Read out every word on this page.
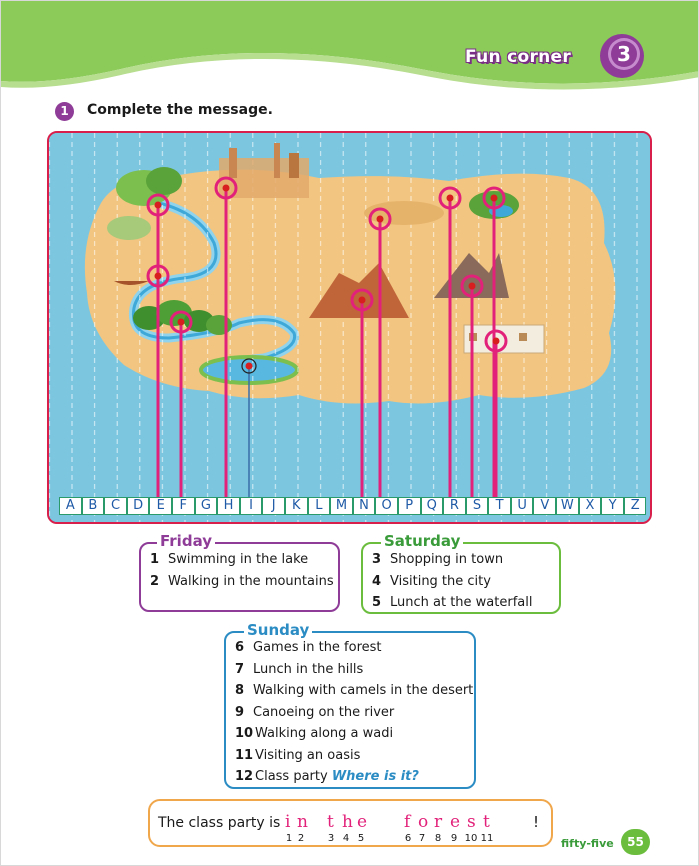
Fun corner 3
1	Complete the message.
A	B	C	D	E	F	G H	I	J	K	L	M N O	P	Q R	S	T	U	V W X	Y	Z
Friday
1 Swimming in the lake
2 Walking in the mountains
Saturday
3 Shopping in town
4 Visiting the city
5 Lunch at the waterfall
Sunday
6 Games in the forest
7 Lunch in the hills
8 Walking with camels in the desert
9 Canoeing on the river
10 Walking along a wadi
11 Visiting an oasis
12 Class party Where is it?
The class party is i
1
n
2
t
3
h
4
e
5
f
6
o
7
r
8
e
9
s
10
t
11
!
fifty-five	55
